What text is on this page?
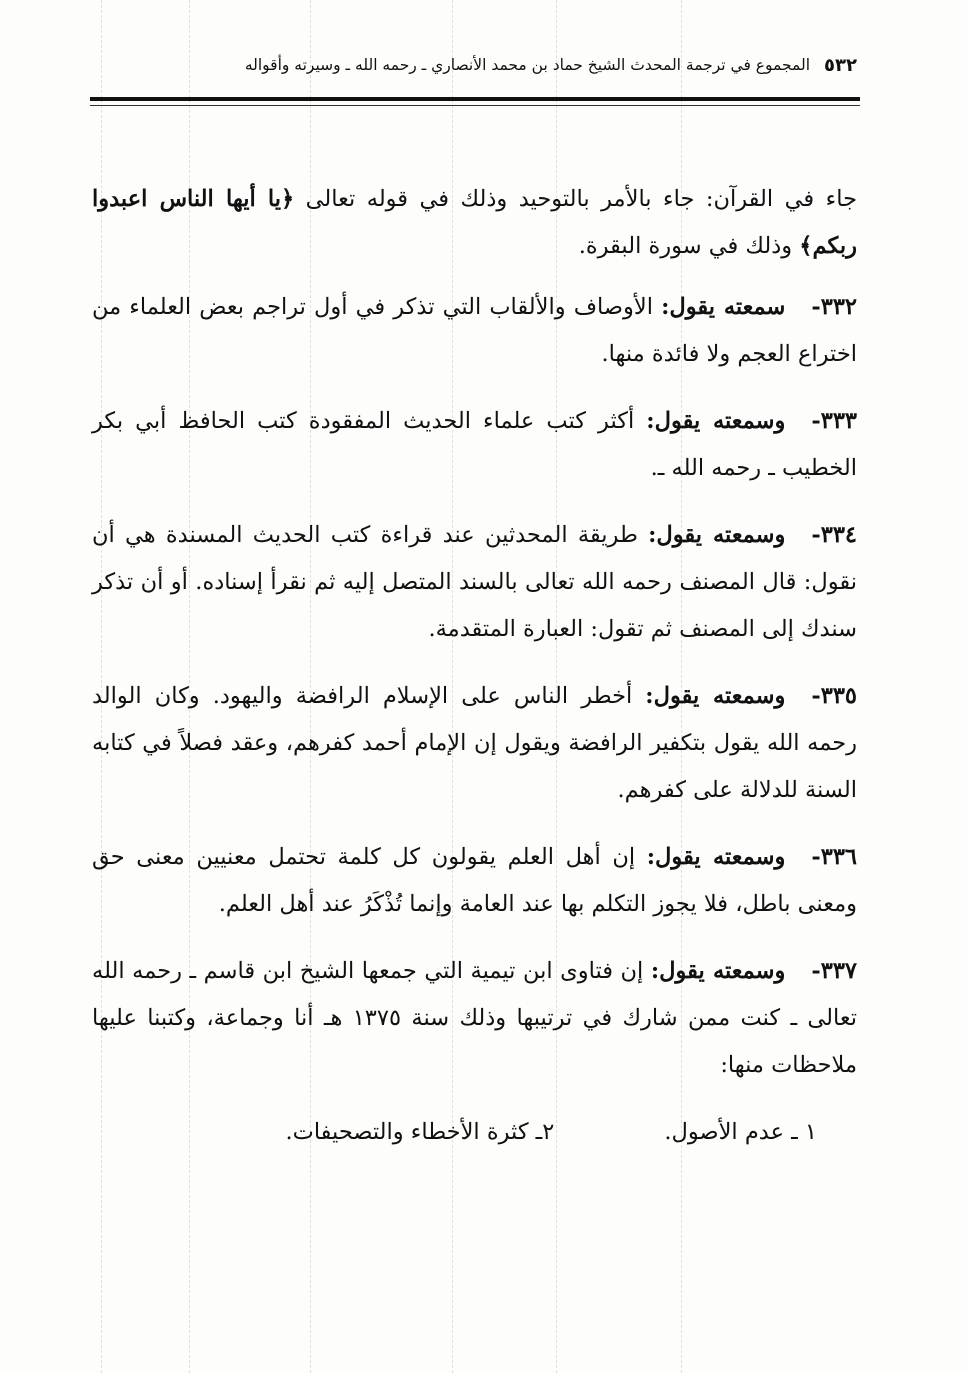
٥٣٢
المجموع في ترجمة المحدث الشيخ حماد بن محمد الأنصاري ـ رحمه الله ـ وسيرته وأقواله

جاء في القرآن: جاء بالأمر بالتوحيد وذلك في قوله تعالى ﴿يا أيها الناس اعبدوا ربكم﴾ وذلك في سورة البقرة.

٣٣٢-سمعته يقول: الأوصاف والألقاب التي تذكر في أول تراجم بعض العلماء من اختراع العجم ولا فائدة منها.

٣٣٣-وسمعته يقول: أكثر كتب علماء الحديث المفقودة كتب الحافظ أبي بكر الخطيب ـ رحمه الله ـ.

٣٣٤-وسمعته يقول: طريقة المحدثين عند قراءة كتب الحديث المسندة هي أن نقول: قال المصنف رحمه الله تعالى بالسند المتصل إليه ثم نقرأ إسناده. أو أن تذكر سندك إلى المصنف ثم تقول: العبارة المتقدمة.

٣٣٥-وسمعته يقول: أخطر الناس على الإسلام الرافضة واليهود. وكان الوالد رحمه الله يقول بتكفير الرافضة ويقول إن الإمام أحمد كفرهم، وعقد فصلاً في كتابه السنة للدلالة على كفرهم.

٣٣٦-وسمعته يقول: إن أهل العلم يقولون كل كلمة تحتمل معنيين معنى حق ومعنى باطل، فلا يجوز التكلم بها عند العامة وإنما تُذْكَرُ عند أهل العلم.

٣٣٧-وسمعته يقول: إن فتاوى ابن تيمية التي جمعها الشيخ ابن قاسم ـ رحمه الله تعالى ـ كنت ممن شارك في ترتيبها وذلك سنة ١٣٧٥ هـ أنا وجماعة، وكتبنا عليها ملاحظات منها:

١ ـ عدم الأصول.
٢ـ كثرة الأخطاء والتصحيفات.
